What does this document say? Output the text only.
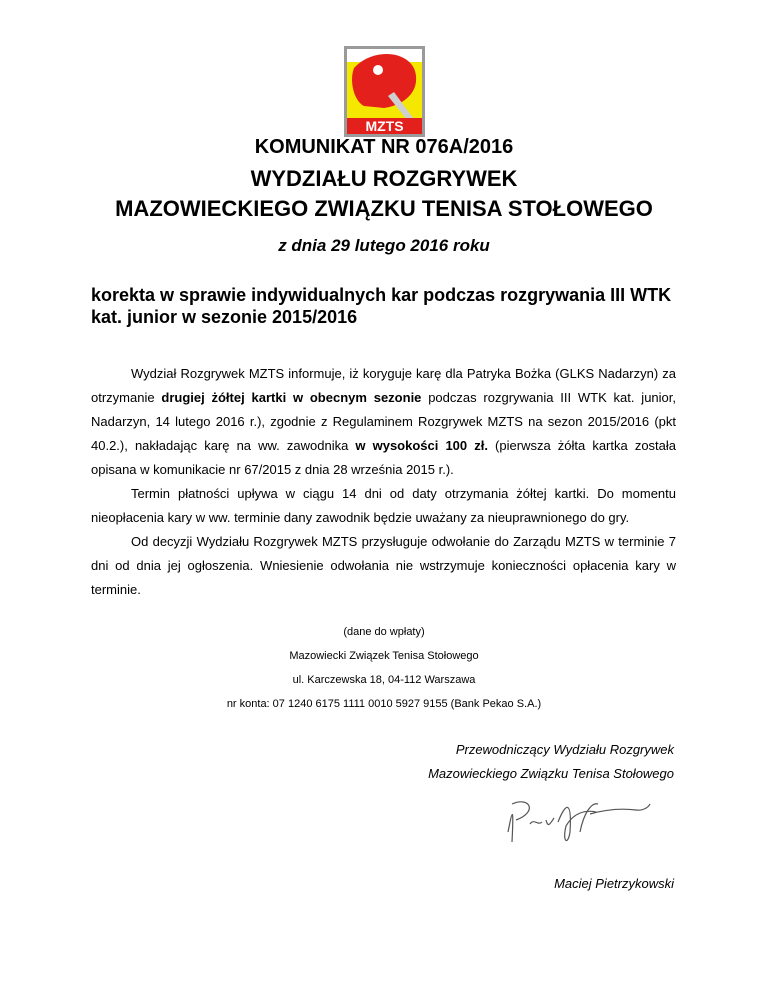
MZTS
KOMUNIKAT NR 076A/2016
WYDZIAŁU ROZGRYWEK
MAZOWIECKIEGO ZWIĄZKU TENISA STOŁOWEGO
z dnia 29 lutego 2016 roku
korekta w sprawie indywidualnych kar podczas rozgrywania III WTK kat. junior w sezonie 2015/2016

Wydział Rozgrywek MZTS informuje, iż koryguje karę dla Patryka Bożka (GLKS Nadarzyn) za otrzymanie drugiej żółtej kartki w obecnym sezonie podczas rozgrywania III WTK kat. junior, Nadarzyn, 14 lutego 2016 r.), zgodnie z Regulaminem Rozgrywek MZTS na sezon 2015/2016 (pkt 40.2.), nakładając karę na ww. zawodnika w wysokości 100 zł. (pierwsza żółta kartka została opisana w komunikacie nr 67/2015 z dnia 28 września 2015 r.).

Termin płatności upływa w ciągu 14 dni od daty otrzymania żółtej kartki. Do momentu nieopłacenia kary w ww. terminie dany zawodnik będzie uważany za nieuprawnionego do gry.

Od decyzji Wydziału Rozgrywek MZTS przysługuje odwołanie do Zarządu MZTS w terminie 7 dni od dnia jej ogłoszenia. Wniesienie odwołania nie wstrzymuje konieczności opłacenia kary w terminie.

(dane do wpłaty)
Mazowiecki Związek Tenisa Stołowego
ul. Karczewska 18, 04-112 Warszawa
nr konta: 07 1240 6175 1111 0010 5927 9155 (Bank Pekao S.A.)
Przewodniczący Wydziału Rozgrywek
Mazowieckiego Związku Tenisa Stołowego
Maciej Pietrzykowski
